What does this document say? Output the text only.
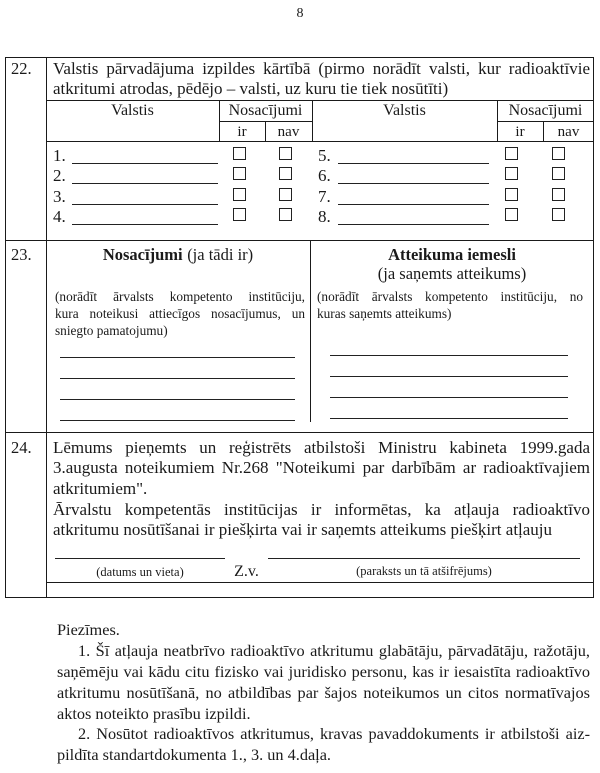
8
22. Valstis pārvadājuma izpildes kārtībā (pirmo norādīt valsti, kur radioaktīvie
atkritumi atrodas, pēdējo – valsti, uz kuru tie tiek nosūtīti)
Valstis	Nosacījumi
ir	nav
Valstis	Nosacījumi
ir	nav
1.
2.
3.
4.
5.
6.
7.
8.
23.	Nosacījumi (ja tādi ir)
(norādīt ārvalsts kompetento institūciju,
kura noteikusi attiecīgos nosacījumus, un
sniegto pamatojumu)
Atteikuma iemesli
(ja saņemts atteikums)
(norādīt ārvalsts kompetento institūciju, no
kuras saņemts atteikums)
24. Lēmums pieņemts un reģistrēts atbilstoši Ministru kabineta 1999.gada
3.augusta noteikumiem Nr.268 "Noteikumi par darbībām ar radioaktīvajiem
atkritumiem".
Ārvalstu kompetentās institūcijas ir informētas, ka atļauja radioaktīvo
atkritumu nosūtīšanai ir piešķirta vai ir saņemts atteikums piešķirt atļauju
(datums un vieta)	Z.v.	(paraksts un tā atšifrējums)
Piezīmes.
1. Šī atļauja neatbrīvo radioaktīvo atkritumu glabātāju, pārvadātāju, ražotāju,
saņēmēju vai kādu citu fizisko vai juridisko personu, kas ir iesaistīta radioaktīvo
atkritumu nosūtīšanā, no atbildības par šajos noteikumos un citos normatīvajos
aktos noteikto prasību izpildi.
2. Nosūtot radioaktīvos atkritumus, kravas pavaddokuments ir atbilstoši aiz-
pildīta standartdokumenta 1., 3. un 4.daļa.
